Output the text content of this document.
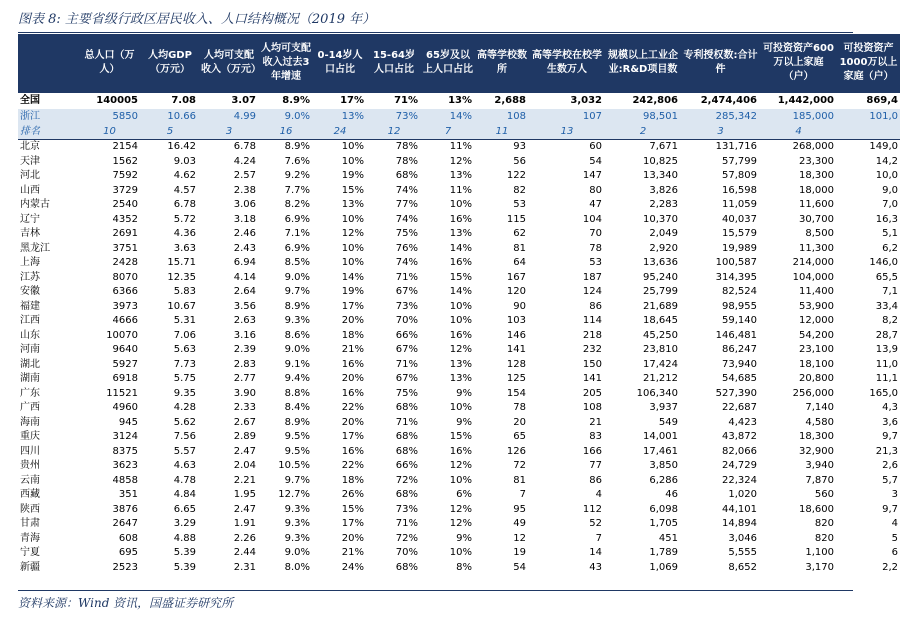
图表 8: 主要省级行政区居民收入、人口结构概况（2019 年）
	总人口（万人）	人均GDP（万元）	人均可支配收入（万元）	人均可支配收入过去3年增速	0-14岁人口占比	15-64岁人口占比	65岁及以上人口占比	高等学校数所	高等学校在校学生数万人	规模以上工业企业:R&D项目数	专利授权数:合计件	可投资资产600万以上家庭（户）	可投资资产1000万以上家庭（户）
全国	140005	7.08	3.07	8.9%	17%	71%	13%	2,688	3,032	242,806	2,474,406	1,442,000	869,4
浙江	5850	10.66	4.99	9.0%	13%	73%	14%	108	107	98,501	285,342	185,000	101,0
排名	10	5	3	16	24	12	7	11	13	2	3	4	
北京	2154	16.42	6.78	8.9%	10%	78%	11%	93	60	7,671	131,716	268,000	149,0
天津	1562	9.03	4.24	7.6%	10%	78%	12%	56	54	10,825	57,799	23,300	14,2
河北	7592	4.62	2.57	9.2%	19%	68%	13%	122	147	13,340	57,809	18,300	10,0
山西	3729	4.57	2.38	7.7%	15%	74%	11%	82	80	3,826	16,598	18,000	9,0
内蒙古	2540	6.78	3.06	8.2%	13%	77%	10%	53	47	2,283	11,059	11,600	7,0
辽宁	4352	5.72	3.18	6.9%	10%	74%	16%	115	104	10,370	40,037	30,700	16,3
吉林	2691	4.36	2.46	7.1%	12%	75%	13%	62	70	2,049	15,579	8,500	5,1
黑龙江	3751	3.63	2.43	6.9%	10%	76%	14%	81	78	2,920	19,989	11,300	6,2
上海	2428	15.71	6.94	8.5%	10%	74%	16%	64	53	13,636	100,587	214,000	146,0
江苏	8070	12.35	4.14	9.0%	14%	71%	15%	167	187	95,240	314,395	104,000	65,5
安徽	6366	5.83	2.64	9.7%	19%	67%	14%	120	124	25,799	82,524	11,400	7,1
福建	3973	10.67	3.56	8.9%	17%	73%	10%	90	86	21,689	98,955	53,900	33,4
江西	4666	5.31	2.63	9.3%	20%	70%	10%	103	114	18,645	59,140	12,000	8,2
山东	10070	7.06	3.16	8.6%	18%	66%	16%	146	218	45,250	146,481	54,200	28,7
河南	9640	5.63	2.39	9.0%	21%	67%	12%	141	232	23,810	86,247	23,100	13,9
湖北	5927	7.73	2.83	9.1%	16%	71%	13%	128	150	17,424	73,940	18,100	11,0
湖南	6918	5.75	2.77	9.4%	20%	67%	13%	125	141	21,212	54,685	20,800	11,1
广东	11521	9.35	3.90	8.8%	16%	75%	9%	154	205	106,340	527,390	256,000	165,0
广西	4960	4.28	2.33	8.4%	22%	68%	10%	78	108	3,937	22,687	7,140	4,3
海南	945	5.62	2.67	8.9%	20%	71%	9%	20	21	549	4,423	4,580	3,6
重庆	3124	7.56	2.89	9.5%	17%	68%	15%	65	83	14,001	43,872	18,300	9,7
四川	8375	5.57	2.47	9.5%	16%	68%	16%	126	166	17,461	82,066	32,900	21,3
贵州	3623	4.63	2.04	10.5%	22%	66%	12%	72	77	3,850	24,729	3,940	2,6
云南	4858	4.78	2.21	9.7%	18%	72%	10%	81	86	6,286	22,324	7,870	5,7
西藏	351	4.84	1.95	12.7%	26%	68%	6%	7	4	46	1,020	560	3
陕西	3876	6.65	2.47	9.3%	15%	73%	12%	95	112	6,098	44,101	18,600	9,7
甘肃	2647	3.29	1.91	9.3%	17%	71%	12%	49	52	1,705	14,894	820	4
青海	608	4.88	2.26	9.3%	20%	72%	9%	12	7	451	3,046	820	5
宁夏	695	5.39	2.44	9.0%	21%	70%	10%	19	14	1,789	5,555	1,100	6
新疆	2523	5.39	2.31	8.0%	24%	68%	8%	54	43	1,069	8,652	3,170	2,2
资料来源：Wind 资讯，国盛证券研究所
